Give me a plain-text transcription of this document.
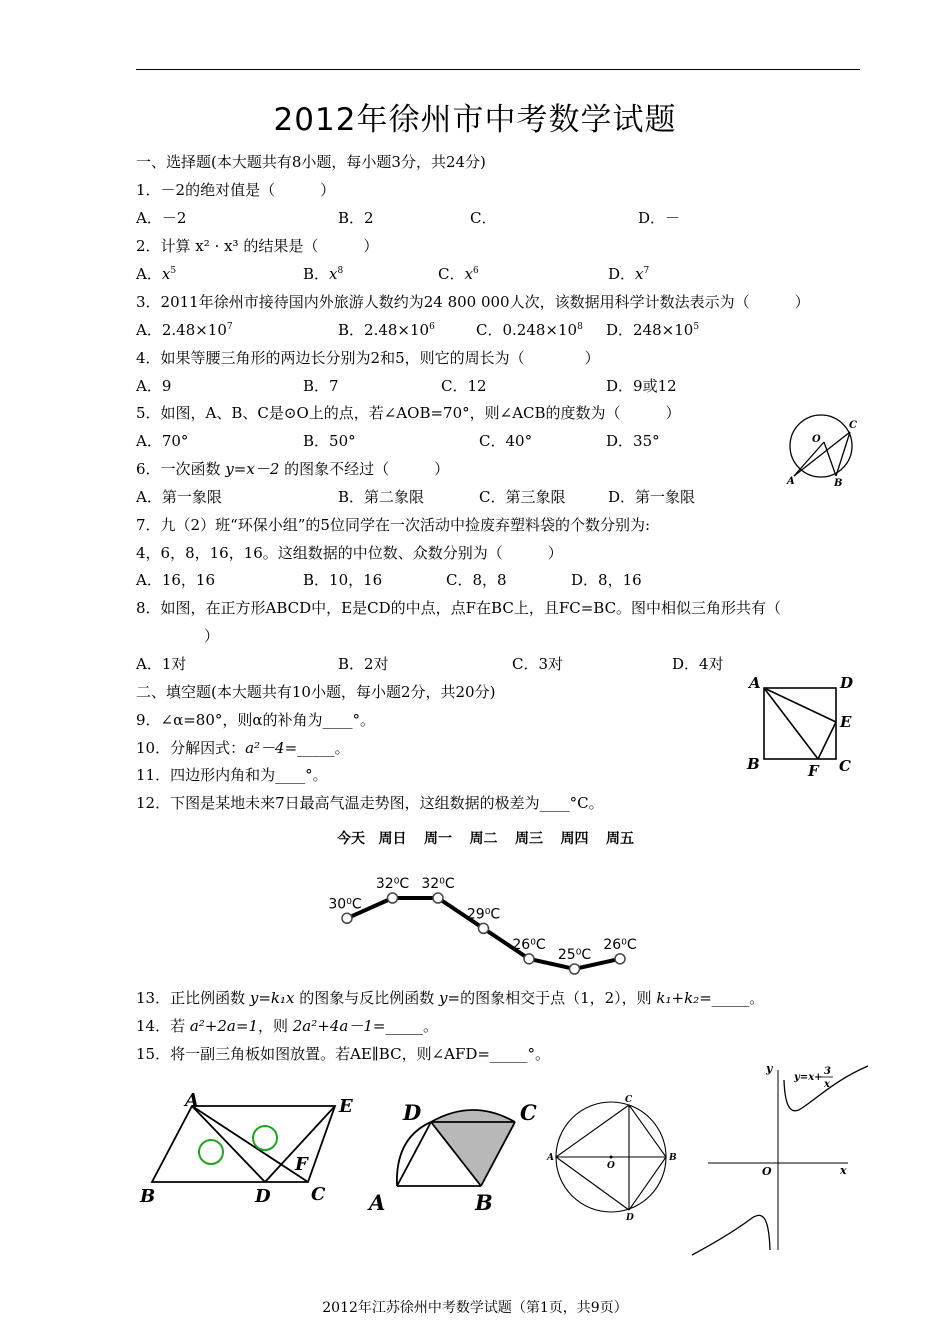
2012年徐州市中考数学试题
一、选择题(本大题共有8小题，每小题3分，共24分)
1．－2的绝对值是（　　　）
A．－2	B．2	C．	D．－
2．计算 x² · x³ 的结果是（　　　）
A．$x^5$	B．$x^8$	C．$x^6$	D．$x^7$
3．2011年徐州市接待国内外旅游人数约为24 800 000人次，该数据用科学计数法表示为（　　　）
A．$2.48\times 10^7$	B．$2.48\times 10^6$	C．$0.248\times 10^8$ D．$248\times 10^5$
4．如果等腰三角形的两边长分别为2和5，则它的周长为（　　　　）
A．9	B．7	C．12	D．9或12
5．如图，A、B、C是⊙O上的点，若∠AOB=70°，则∠ACB的度数为（　　　）
A．70°	B．50°	C．40°	D．35°	O
C
A	B
6．一次函数 y=x－2 的图象不经过（　　　）
A．第一象限	B．第二象限	C．第三象限	D．第一象限
7．九（2）班“环保小组”的5位同学在一次活动中捡废弃塑料袋的个数分别为:
4，6，8，16，16。这组数据的中位数、众数分别为（　　　）
A．16，16	B．10，16	C．8，8	D．8，16
8．如图，在正方形ABCD中，E是CD的中点，点F在BC上，且FC=BC。图中相似三角形共有（
）
A．1对	B．2对	C．3对	D．4对
A	D
E
B	F C
二、填空题(本大题共有10小题，每小题2分，共20分)
9．∠α=80°，则α的补角为____°。
10．分解因式：a²－4=_____。
11．四边形内角和为____°。
12．下图是某地未来7日最高气温走势图，这组数据的极差为____°C。
今天 周日 周一 周二 周三 周四 周五
30⁰C
32⁰C 32⁰C
29⁰C
26⁰C
25⁰C
26⁰C
13．正比例函数 y=k₁x 的图象与反比例函数 y=的图象相交于点（1，2），则 k₁+k₂=_____。
14．若 a²+2a=1，则 2a²+4a－1=_____。
15．将一副三角板如图放置。若AE∥BC，则∠AFD=_____°。
A	E
F
B	D C
D	C
A	B
C
A	B
O
D
y
x
O
y=x+
3
x
2012年江苏徐州中考数学试题（第1页，共9页）
